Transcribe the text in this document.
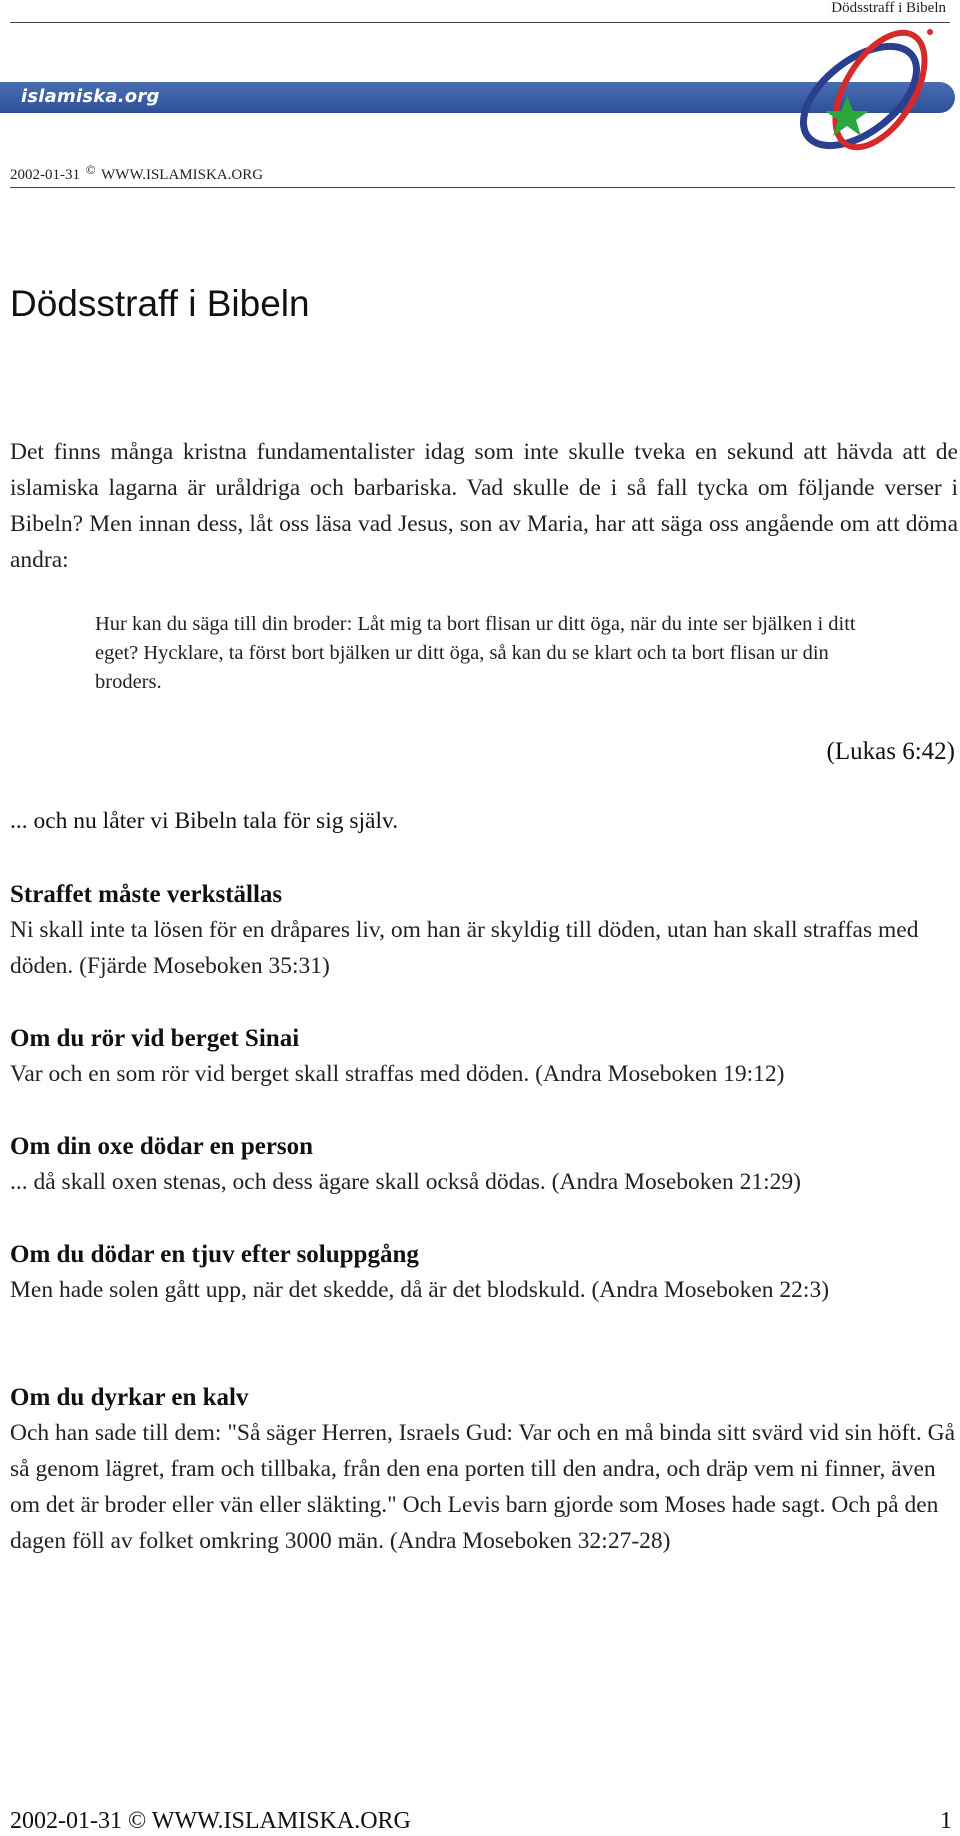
Dödsstraff i Bibeln
islamiska.org
2002-01-31 © WWW.ISLAMISKA.ORG
Dödsstraff i Bibeln
Det finns många kristna fundamentalister idag som inte skulle tveka en sekund att hävda att de islamiska lagarna är uråldriga och barbariska. Vad skulle de i så fall tycka om följande verser i Bibeln? Men innan dess, låt oss läsa vad Jesus, son av Maria, har att säga oss angående om att döma andra:
Hur kan du säga till din broder: Låt mig ta bort flisan ur ditt öga, när du inte ser bjälken i ditt eget? Hycklare, ta först bort bjälken ur ditt öga, så kan du se klart och ta bort flisan ur din broders.
(Lukas 6:42)
... och nu låter vi Bibeln tala för sig själv.
Straffet måste verkställas

Ni skall inte ta lösen för en dråpares liv, om han är skyldig till döden, utan han skall straffas med döden. (Fjärde Moseboken 35:31)

Om du rör vid berget Sinai

Var och en som rör vid berget skall straffas med döden. (Andra Moseboken 19:12)

Om din oxe dödar en person

... då skall oxen stenas, och dess ägare skall också dödas. (Andra Moseboken 21:29)

Om du dödar en tjuv efter soluppgång

Men hade solen gått upp, när det skedde, då är det blodskuld. (Andra Moseboken 22:3)

Om du dyrkar en kalv

Och han sade till dem: "Så säger Herren, Israels Gud: Var och en må binda sitt svärd vid sin höft. Gå så genom lägret, fram och tillbaka, från den ena porten till den andra, och dräp vem ni finner, även om det är broder eller vän eller släkting." Och Levis barn gjorde som Moses hade sagt. Och på den dagen föll av folket omkring 3000 män. (Andra Moseboken 32:27-28)

2002-01-31 © WWW.ISLAMISKA.ORG	1
